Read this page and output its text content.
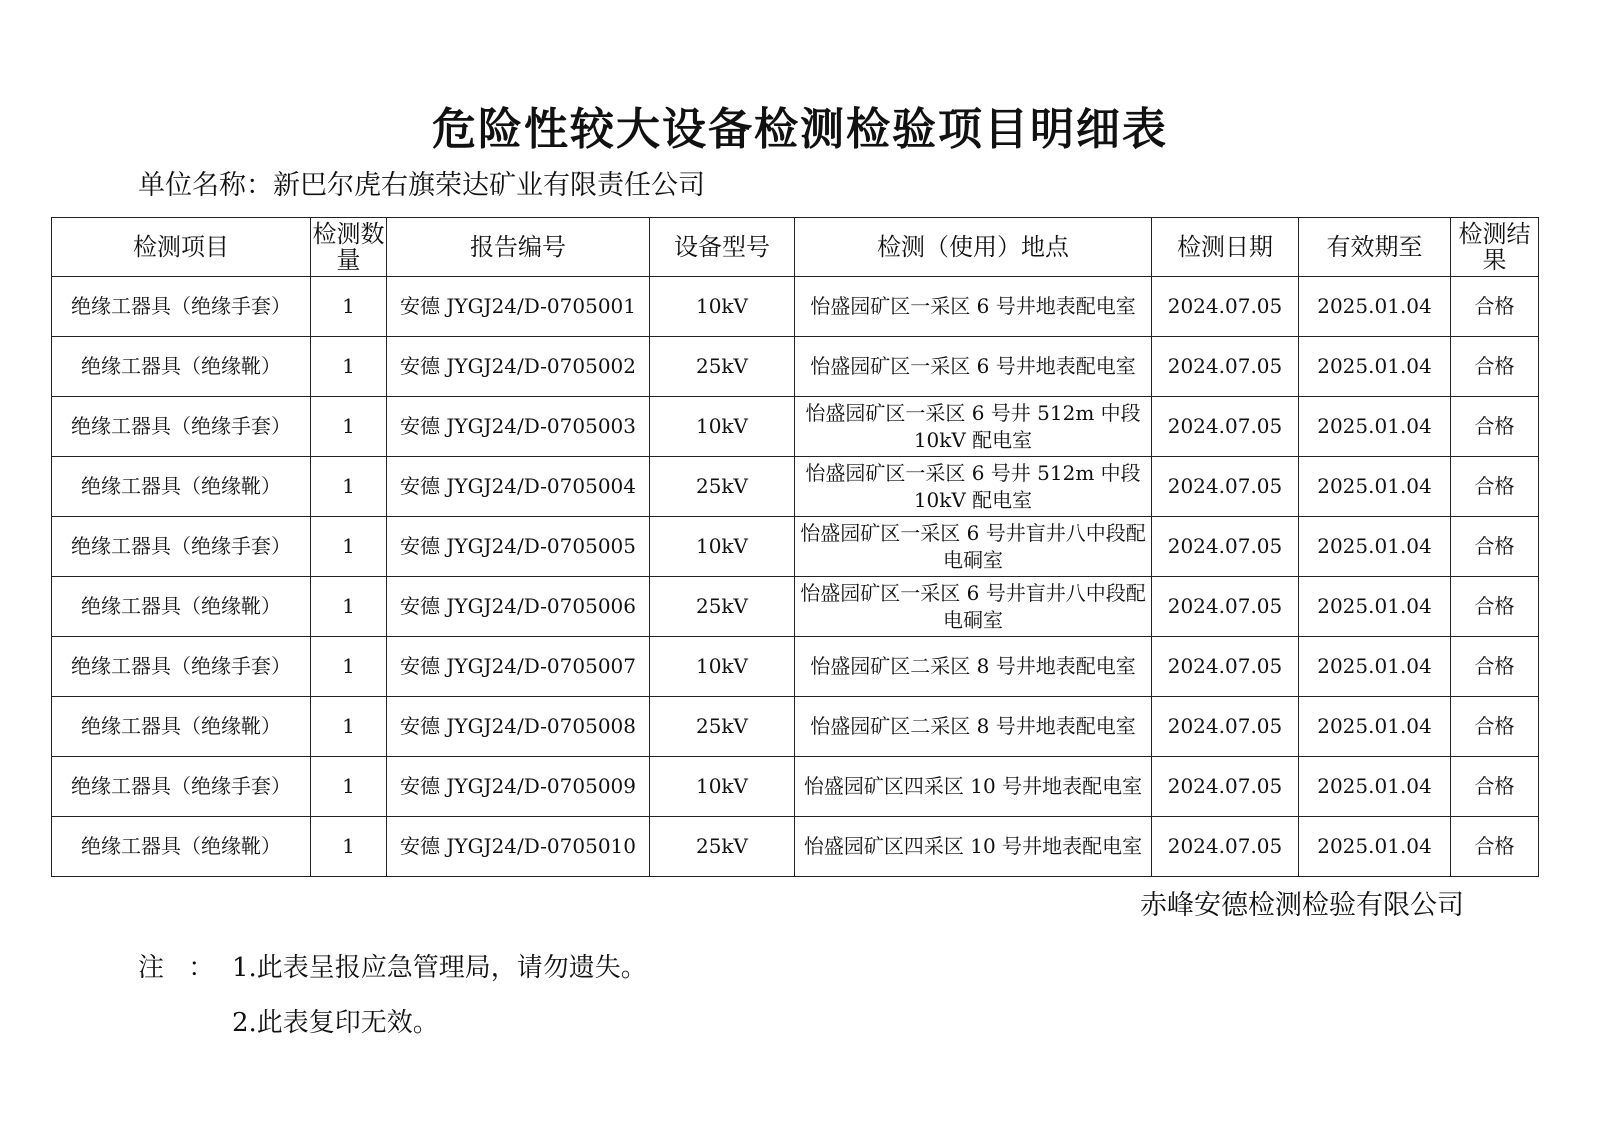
危险性较大设备检测检验项目明细表
单位名称：新巴尔虎右旗荣达矿业有限责任公司
检测项目	检测数量	报告编号	设备型号	检测（使用）地点	检测日期	有效期至	检测结果
绝缘工器具（绝缘手套）	1	安德 JYGJ24/D-0705001	10kV	怡盛园矿区一采区 6 号井地表配电室	2024.07.05	2025.01.04	合格
绝缘工器具（绝缘靴）	1	安德 JYGJ24/D-0705002	25kV	怡盛园矿区一采区 6 号井地表配电室	2024.07.05	2025.01.04	合格
绝缘工器具（绝缘手套）	1	安德 JYGJ24/D-0705003	10kV	怡盛园矿区一采区 6 号井 512m 中段 10kV 配电室	2024.07.05	2025.01.04	合格
绝缘工器具（绝缘靴）	1	安德 JYGJ24/D-0705004	25kV	怡盛园矿区一采区 6 号井 512m 中段 10kV 配电室	2024.07.05	2025.01.04	合格
绝缘工器具（绝缘手套）	1	安德 JYGJ24/D-0705005	10kV	怡盛园矿区一采区 6 号井盲井八中段配电硐室	2024.07.05	2025.01.04	合格
绝缘工器具（绝缘靴）	1	安德 JYGJ24/D-0705006	25kV	怡盛园矿区一采区 6 号井盲井八中段配电硐室	2024.07.05	2025.01.04	合格
绝缘工器具（绝缘手套）	1	安德 JYGJ24/D-0705007	10kV	怡盛园矿区二采区 8 号井地表配电室	2024.07.05	2025.01.04	合格
绝缘工器具（绝缘靴）	1	安德 JYGJ24/D-0705008	25kV	怡盛园矿区二采区 8 号井地表配电室	2024.07.05	2025.01.04	合格
绝缘工器具（绝缘手套）	1	安德 JYGJ24/D-0705009	10kV	怡盛园矿区四采区 10 号井地表配电室	2024.07.05	2025.01.04	合格
绝缘工器具（绝缘靴）	1	安德 JYGJ24/D-0705010	25kV	怡盛园矿区四采区 10 号井地表配电室	2024.07.05	2025.01.04	合格
赤峰安德检测检验有限公司
注 ： 1.此表呈报应急管理局，请勿遗失。
2.此表复印无效。
